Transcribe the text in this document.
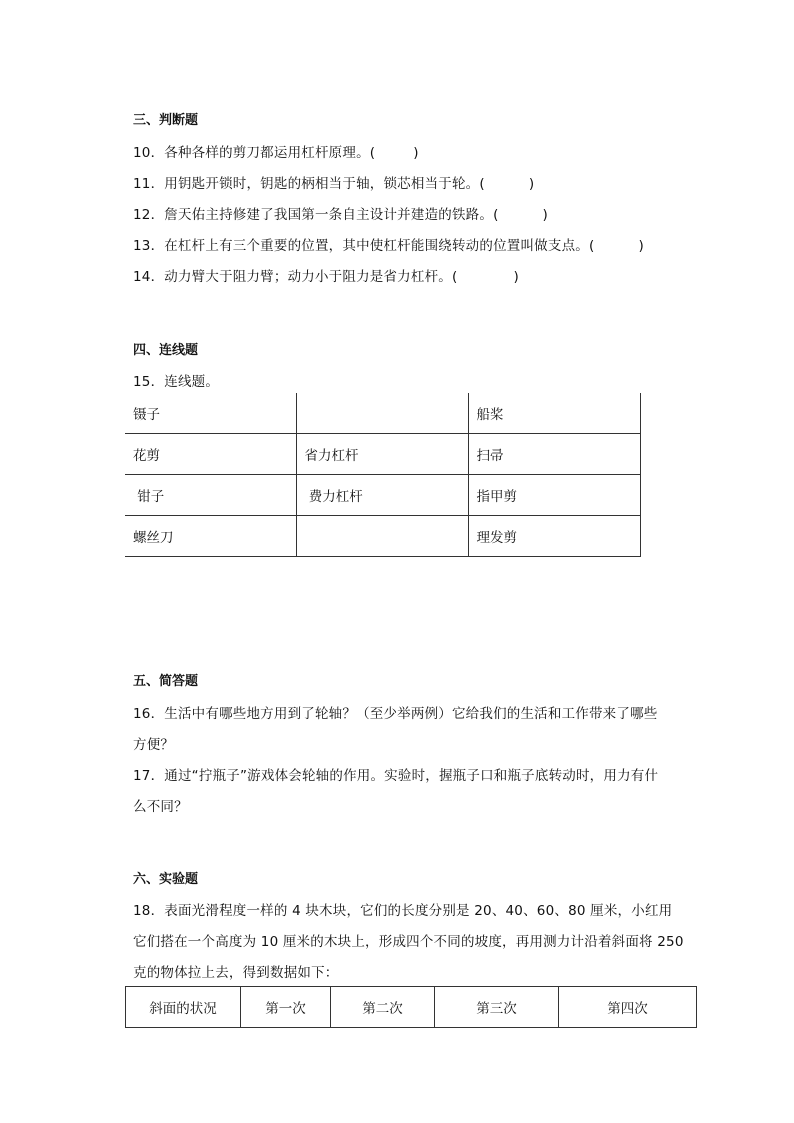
三、判断题
10．各种各样的剪刀都运用杠杆原理。(	)
11．用钥匙开锁时，钥匙的柄相当于轴，锁芯相当于轮。(	)
12．詹天佑主持修建了我国第一条自主设计并建造的铁路。(	)
13．在杠杆上有三个重要的位置，其中使杠杆能围绕转动的位置叫做支点。(	)
14．动力臂大于阻力臂；动力小于阻力是省力杠杆。(	)
四、连线题
15．连线题。
镊子		船桨
花剪	省力杠杆	扫帚
钳子	费力杠杆	指甲剪
螺丝刀		理发剪
五、简答题
16．生活中有哪些地方用到了轮轴？（至少举两例）它给我们的生活和工作带来了哪些
方便？
17．通过“拧瓶子”游戏体会轮轴的作用。实验时，握瓶子口和瓶子底转动时，用力有什
么不同？
六、实验题
18．表面光滑程度一样的 4 块木块，它们的长度分别是 20、40、60、80 厘米，小红用
它们搭在一个高度为 10 厘米的木块上，形成四个不同的坡度，再用测力计沿着斜面将 250
克的物体拉上去，得到数据如下：
斜面的状况	第一次	第二次	第三次	第四次
